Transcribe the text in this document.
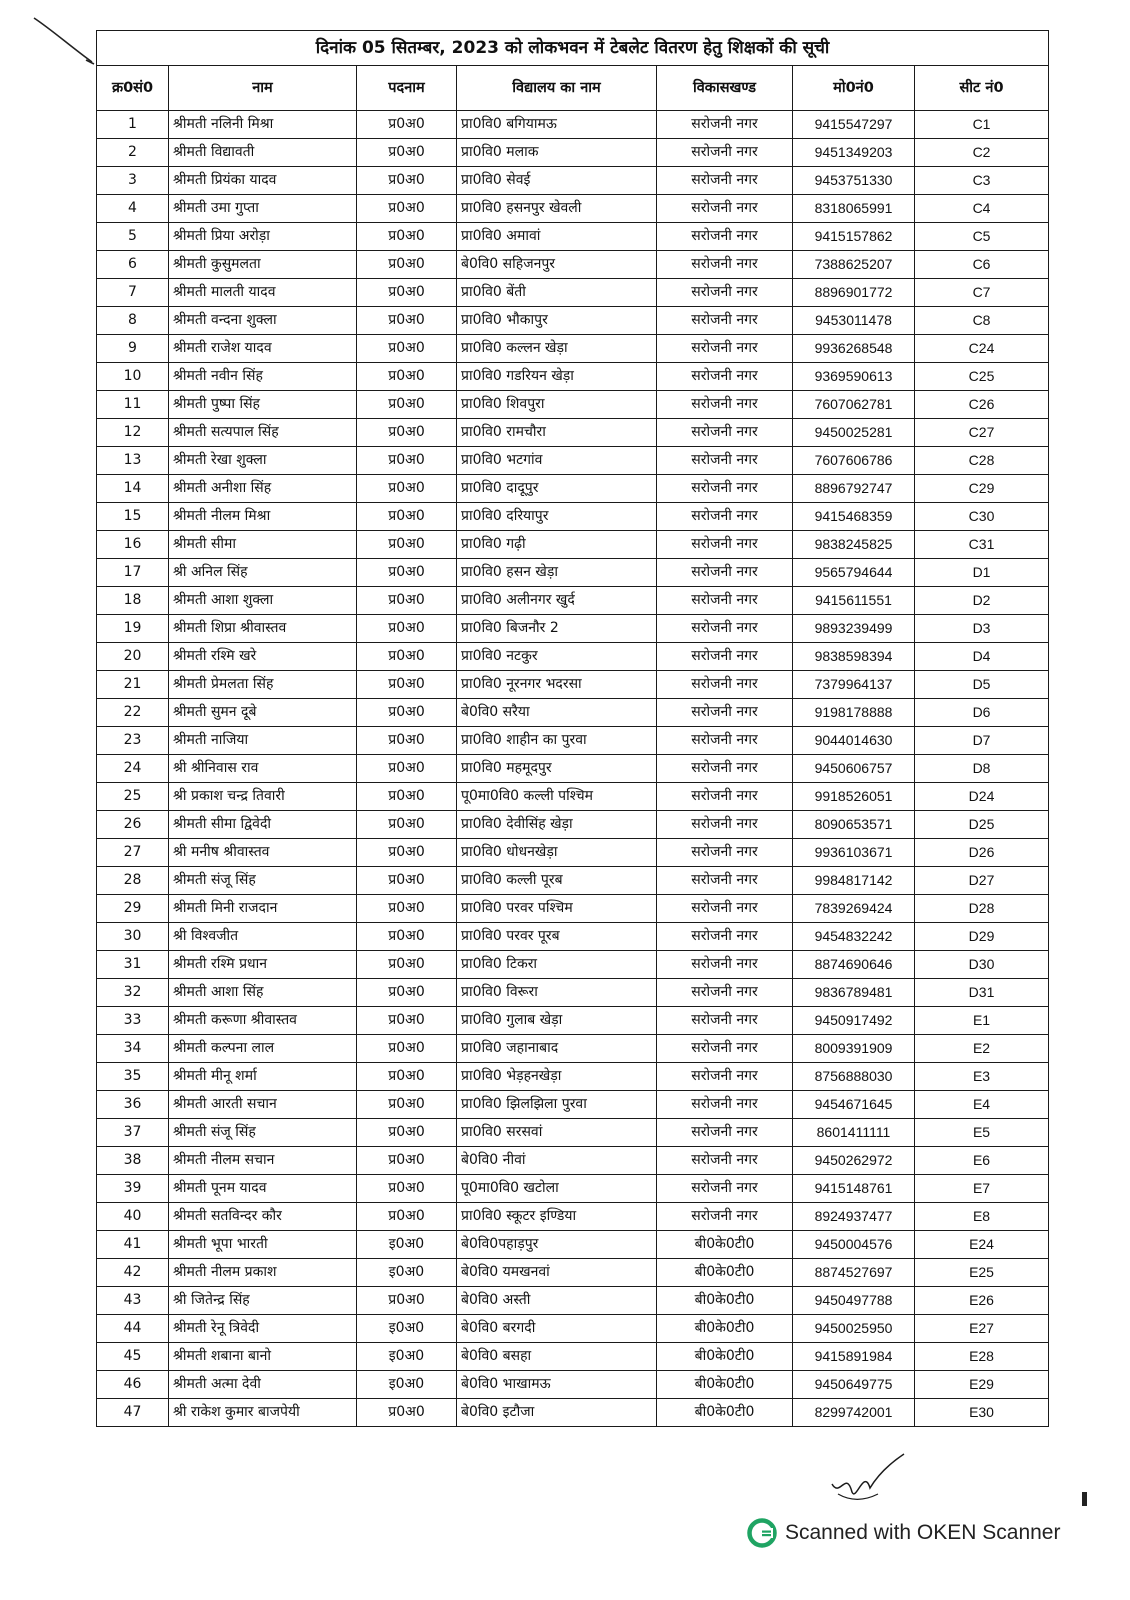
दिनांक 05 सितम्बर, 2023 को लोकभवन में टेबलेट वितरण हेतु शिक्षकों की सूची						
क्र0सं0	नाम	पदनाम	विद्यालय का नाम	विकासखण्ड	मो0नं0	सीट नं0
1	श्रीमती नलिनी मिश्रा	प्र0अ0	प्रा0वि0 बगियामऊ	सरोजनी नगर	9415547297	C1
2	श्रीमती विद्यावती	प्र0अ0	प्रा0वि0 मलाक	सरोजनी नगर	9451349203	C2
3	श्रीमती प्रियंका यादव	प्र0अ0	प्रा0वि0 सेवई	सरोजनी नगर	9453751330	C3
4	श्रीमती उमा गुप्ता	प्र0अ0	प्रा0वि0 हसनपुर खेवली	सरोजनी नगर	8318065991	C4
5	श्रीमती प्रिया अरोड़ा	प्र0अ0	प्रा0वि0 अमावां	सरोजनी नगर	9415157862	C5
6	श्रीमती कुसुमलता	प्र0अ0	बे0वि0 सहिजनपुर	सरोजनी नगर	7388625207	C6
7	श्रीमती मालती यादव	प्र0अ0	प्रा0वि0 बेंती	सरोजनी नगर	8896901772	C7
8	श्रीमती वन्दना शुक्ला	प्र0अ0	प्रा0वि0 भौकापुर	सरोजनी नगर	9453011478	C8
9	श्रीमती राजेश यादव	प्र0अ0	प्रा0वि0 कल्लन खेड़ा	सरोजनी नगर	9936268548	C24
10	श्रीमती नवीन सिंह	प्र0अ0	प्रा0वि0 गडरियन खेड़ा	सरोजनी नगर	9369590613	C25
11	श्रीमती पुष्पा सिंह	प्र0अ0	प्रा0वि0 शिवपुरा	सरोजनी नगर	7607062781	C26
12	श्रीमती सत्यपाल सिंह	प्र0अ0	प्रा0वि0 रामचौरा	सरोजनी नगर	9450025281	C27
13	श्रीमती रेखा शुक्ला	प्र0अ0	प्रा0वि0 भटगांव	सरोजनी नगर	7607606786	C28
14	श्रीमती अनीशा सिंह	प्र0अ0	प्रा0वि0 दादूपुर	सरोजनी नगर	8896792747	C29
15	श्रीमती नीलम मिश्रा	प्र0अ0	प्रा0वि0 दरियापुर	सरोजनी नगर	9415468359	C30
16	श्रीमती सीमा	प्र0अ0	प्रा0वि0 गढ़ी	सरोजनी नगर	9838245825	C31
17	श्री अनिल सिंह	प्र0अ0	प्रा0वि0 हसन खेड़ा	सरोजनी नगर	9565794644	D1
18	श्रीमती आशा शुक्ला	प्र0अ0	प्रा0वि0 अलीनगर खुर्द	सरोजनी नगर	9415611551	D2
19	श्रीमती शिप्रा श्रीवास्तव	प्र0अ0	प्रा0वि0 बिजनौर 2	सरोजनी नगर	9893239499	D3
20	श्रीमती रश्मि खरे	प्र0अ0	प्रा0वि0 नटकुर	सरोजनी नगर	9838598394	D4
21	श्रीमती प्रेमलता सिंह	प्र0अ0	प्रा0वि0 नूरनगर भदरसा	सरोजनी नगर	7379964137	D5
22	श्रीमती सुमन दूबे	प्र0अ0	बे0वि0 सरैया	सरोजनी नगर	9198178888	D6
23	श्रीमती नाजिया	प्र0अ0	प्रा0वि0 शाहीन का पुरवा	सरोजनी नगर	9044014630	D7
24	श्री श्रीनिवास राव	प्र0अ0	प्रा0वि0 महमूदपुर	सरोजनी नगर	9450606757	D8
25	श्री प्रकाश चन्द्र तिवारी	प्र0अ0	पू0मा0वि0 कल्ली पश्चिम	सरोजनी नगर	9918526051	D24
26	श्रीमती सीमा द्विवेदी	प्र0अ0	प्रा0वि0 देवीसिंह खेड़ा	सरोजनी नगर	8090653571	D25
27	श्री मनीष श्रीवास्तव	प्र0अ0	प्रा0वि0 धोधनखेड़ा	सरोजनी नगर	9936103671	D26
28	श्रीमती संजू सिंह	प्र0अ0	प्रा0वि0 कल्ली पूरब	सरोजनी नगर	9984817142	D27
29	श्रीमती मिनी राजदान	प्र0अ0	प्रा0वि0 परवर पश्चिम	सरोजनी नगर	7839269424	D28
30	श्री विश्वजीत	प्र0अ0	प्रा0वि0 परवर पूरब	सरोजनी नगर	9454832242	D29
31	श्रीमती रश्मि प्रधान	प्र0अ0	प्रा0वि0 टिकरा	सरोजनी नगर	8874690646	D30
32	श्रीमती आशा सिंह	प्र0अ0	प्रा0वि0 विरूरा	सरोजनी नगर	9836789481	D31
33	श्रीमती करूणा श्रीवास्तव	प्र0अ0	प्रा0वि0 गुलाब खेड़ा	सरोजनी नगर	9450917492	E1
34	श्रीमती कल्पना लाल	प्र0अ0	प्रा0वि0 जहानाबाद	सरोजनी नगर	8009391909	E2
35	श्रीमती मीनू शर्मा	प्र0अ0	प्रा0वि0 भेड़हनखेड़ा	सरोजनी नगर	8756888030	E3
36	श्रीमती आरती सचान	प्र0अ0	प्रा0वि0 झिलझिला पुरवा	सरोजनी नगर	9454671645	E4
37	श्रीमती संजू सिंह	प्र0अ0	प्रा0वि0 सरसवां	सरोजनी नगर	8601411111	E5
38	श्रीमती नीलम सचान	प्र0अ0	बे0वि0 नीवां	सरोजनी नगर	9450262972	E6
39	श्रीमती पूनम यादव	प्र0अ0	पू0मा0वि0 खटोला	सरोजनी नगर	9415148761	E7
40	श्रीमती सतविन्दर कौर	प्र0अ0	प्रा0वि0 स्कूटर इण्डिया	सरोजनी नगर	8924937477	E8
41	श्रीमती भूपा भारती	इ0अ0	बे0वि0पहाड़पुर	बी0के0टी0	9450004576	E24
42	श्रीमती नीलम प्रकाश	इ0अ0	बे0वि0 यमखनवां	बी0के0टी0	8874527697	E25
43	श्री जितेन्द्र सिंह	प्र0अ0	बे0वि0 अस्ती	बी0के0टी0	9450497788	E26
44	श्रीमती रेनू त्रिवेदी	इ0अ0	बे0वि0 बरगदी	बी0के0टी0	9450025950	E27
45	श्रीमती शबाना बानो	इ0अ0	बे0वि0 बसहा	बी0के0टी0	9415891984	E28
46	श्रीमती अत्मा देवी	इ0अ0	बे0वि0 भाखामऊ	बी0के0टी0	9450649775	E29
47	श्री राकेश कुमार बाजपेयी	प्र0अ0	बे0वि0 इटौजा	बी0के0टी0	8299742001	E30
Scanned with OKEN Scanner
